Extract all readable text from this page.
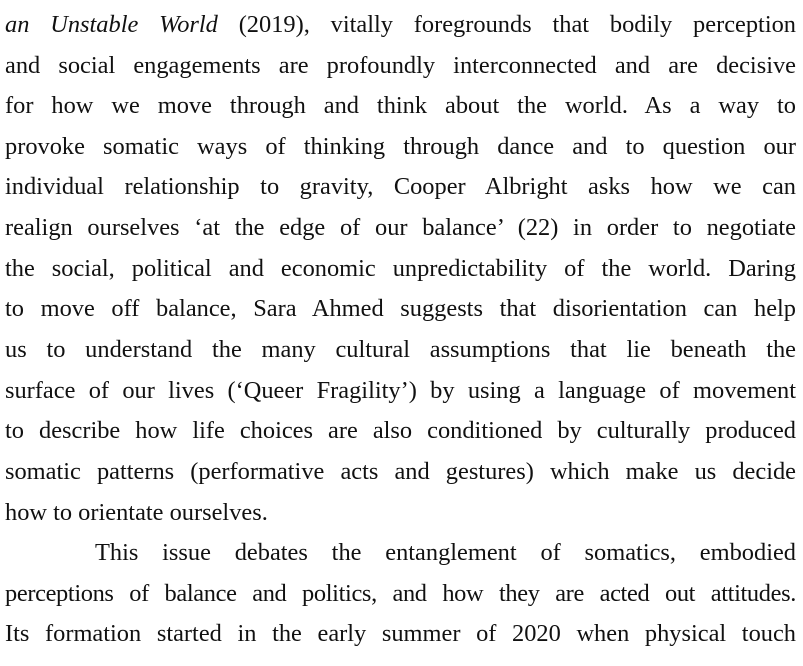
an Unstable World (2019), vitally foregrounds that bodily perception
and social engagements are profoundly interconnected and are decisive
for how we move through and think about the world. As a way to
provoke somatic ways of thinking through dance and to question our
individual relationship to gravity, Cooper Albright asks how we can
realign ourselves ‘at the edge of our balance’ (22) in order to negotiate
the social, political and economic unpredictability of the world. Daring
to move off balance, Sara Ahmed suggests that disorientation can help
us to understand the many cultural assumptions that lie beneath the
surface of our lives (‘Queer Fragility’) by using a language of movement
to describe how life choices are also conditioned by culturally produced
somatic patterns (performative acts and gestures) which make us decide
how to orientate ourselves.
This issue debates the entanglement of somatics, embodied
perceptions of balance and politics, and how they are acted out attitudes.
Its formation started in the early summer of 2020 when physical touch
